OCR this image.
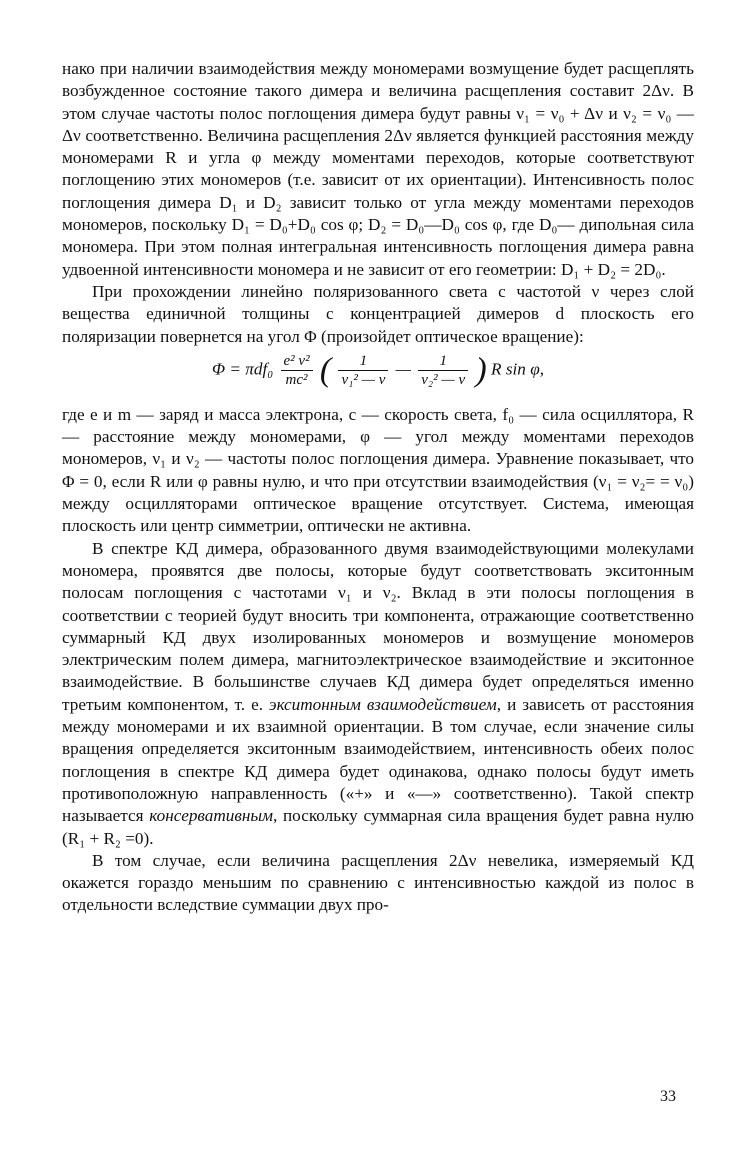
нако при наличии взаимодействия между мономерами возмущение будет расщеплять возбужденное состояние такого димера и величина расщепления составит 2Δν. В этом случае частоты полос поглощения димера будут равны ν₁ = ν₀ + Δν и ν₂ = ν₀ — Δν соответственно. Величина расщепления 2Δν является функцией расстояния между мономерами R и угла φ между моментами переходов, которые соответствуют поглощению этих мономеров (т.е. зависит от их ориентации). Интенсивность полос поглощения димера D₁ и D₂ зависит только от угла между моментами переходов мономеров, поскольку D₁ = D₀+D₀ cos φ; D₂ = D₀—D₀ cos φ, где D₀— дипольная сила мономера. При этом полная интегральная интенсивность поглощения димера равна удвоенной интенсивности мономера и не зависит от его геометрии: D₁ + D₂ = 2D₀.

При прохождении линейно поляризованного света с частотой ν через слой вещества единичной толщины с концентрацией димеров d плоскость его поляризации повернется на угол Φ (произойдет оптическое вращение):

$\Phi = \pi df_0 \frac{\text{e² ν²}}{\text{mc²}}$ ( $\frac{1}{\text{ν₁² — ν}}$ — $\frac{1}{\text{ν₂² — ν}}$ ) R sin φ,

где e и m — заряд и масса электрона, c — скорость света, f₀ — сила осциллятора, R — расстояние между мономерами, φ — угол между моментами переходов мономеров, ν₁ и ν₂ — частоты полос поглощения димера. Уравнение показывает, что Φ = 0, если R или φ равны нулю, и что при отсутствии взаимодействия (ν₁ = ν₂= = ν₀) между осцилляторами оптическое вращение отсутствует. Система, имеющая плоскость или центр симметрии, оптически не активна.

В спектре КД димера, образованного двумя взаимодействующими молекулами мономера, проявятся две полосы, которые будут соответствовать экситонным полосам поглощения с частотами ν₁ и ν₂. Вклад в эти полосы поглощения в соответствии с теорией будут вносить три компонента, отражающие соответственно суммарный КД двух изолированных мономеров и возмущение мономеров электрическим полем димера, магнитоэлектрическое взаимодействие и экситонное взаимодействие. В большинстве случаев КД димера будет определяться именно третьим компонентом, т. е. экситонным взаимодействием, и зависеть от расстояния между мономерами и их взаимной ориентации. В том случае, если значение силы вращения определяется экситонным взаимодействием, интенсивность обеих полос поглощения в спектре КД димера будет одинакова, однако полосы будут иметь противоположную направленность («+» и «—» соответственно). Такой спектр называется консервативным, поскольку суммарная сила вращения будет равна нулю (R₁ + R₂ =0).

В том случае, если величина расщепления 2Δν невелика, измеряемый КД окажется гораздо меньшим по сравнению с интенсивностью каждой из полос в отдельности вследствие суммации двух про-

33
